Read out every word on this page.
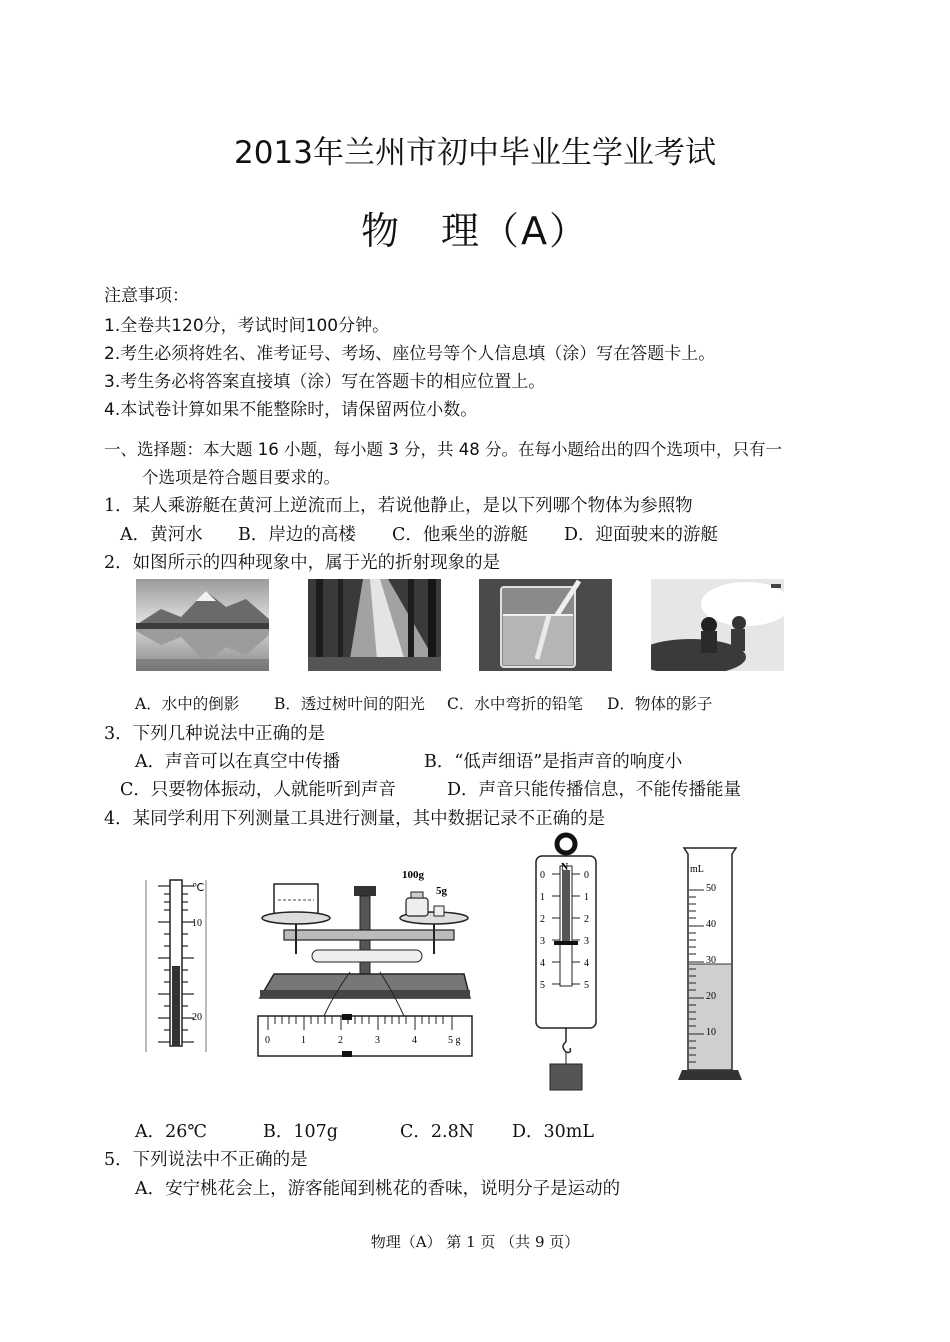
2013年兰州市初中毕业生学业考试
物　理（A）
注意事项：
1.全卷共120分，考试时间100分钟。
2.考生必须将姓名、准考证号、考场、座位号等个人信息填（涂）写在答题卡上。
3.考生务必将答案直接填（涂）写在答题卡的相应位置上。
4.本试卷计算如果不能整除时，请保留两位小数。
一、选择题：本大题 16 小题，每小题 3 分，共 48 分。在每小题给出的四个选项中，只有一
个选项是符合题目要求的。
1．某人乘游艇在黄河上逆流而上，若说他静止，是以下列哪个物体为参照物
A．黄河水 B．岸边的高楼 C．他乘坐的游艇 D．迎面驶来的游艇
2．如图所示的四种现象中，属于光的折射现象的是
A．水中的倒影 B．透过树叶间的阳光 C．水中弯折的铅笔 D．物体的影子
3．下列几种说法中正确的是
A．声音可以在真空中传播	B．“低声细语”是指声音的响度小
C．只要物体振动，人就能听到声音	D．声音只能传播信息，不能传播能量
4．某同学利用下列测量工具进行测量，其中数据记录不正确的是
℃
10
20
100g
5g
0	1	2	3	4	5 g
N
0
1
2
3
4
5
0
1
2
3
4
5
mL
50
40
30
20
10
A．26℃	B．107g	C．2.8N D．30mL
5．下列说法中不正确的是
A．安宁桃花会上，游客能闻到桃花的香味，说明分子是运动的
物理（A） 第 1 页 （共 9 页）
